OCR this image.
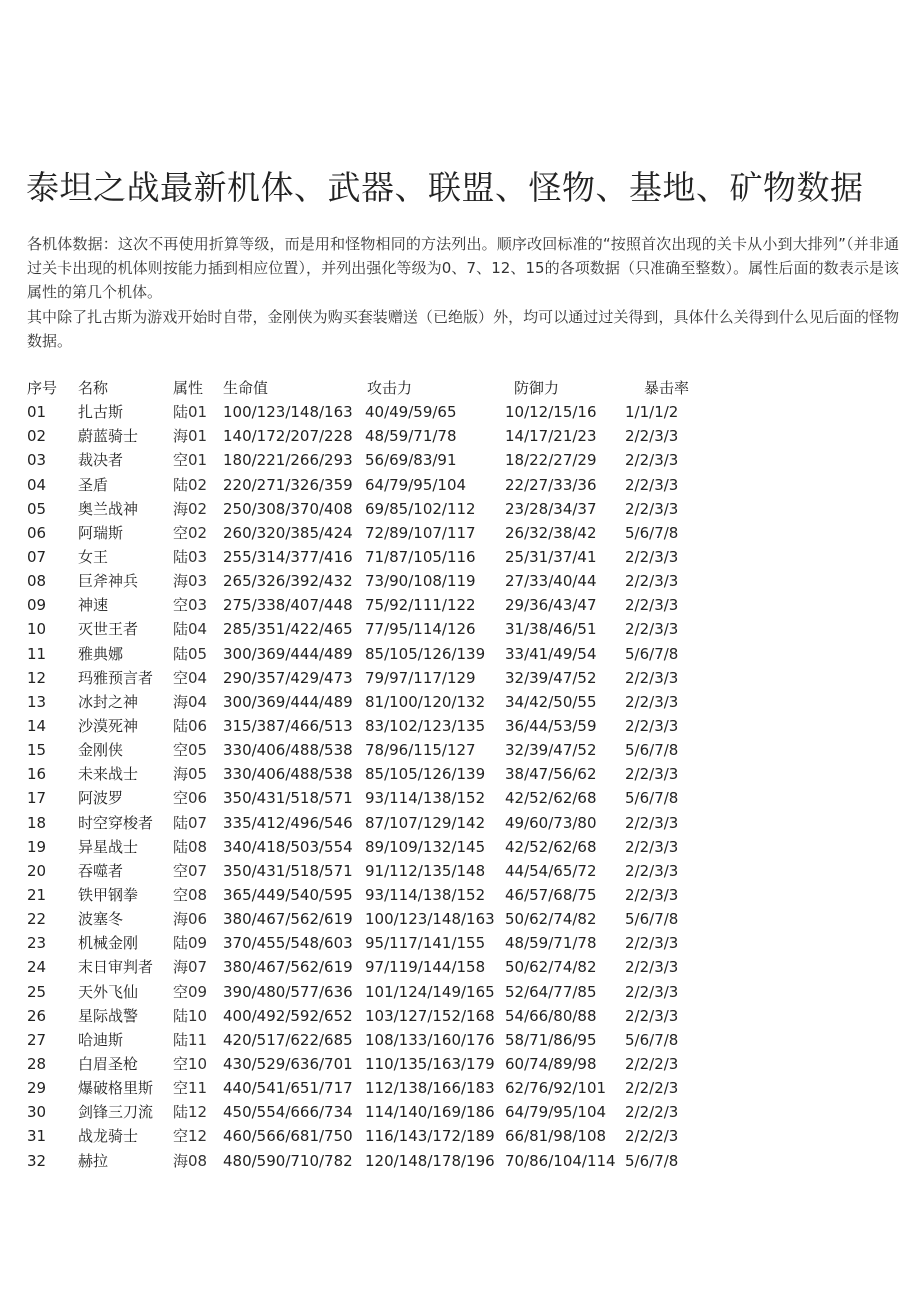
泰坦之战最新机体、武器、联盟、怪物、基地、矿物数据

各机体数据：这次不再使用折算等级，而是用和怪物相同的方法列出。顺序改回标准的“按照首次出现的关卡从小到大排列”（并非通过关卡出现的机体则按能力插到相应位置），并列出强化等级为0、7、12、15的各项数据（只准确至整数）。属性后面的数表示是该属性的第几个机体。

其中除了扎古斯为游戏开始时自带，金刚侠为购买套装赠送（已绝版）外，均可以通过过关得到，具体什么关得到什么见后面的怪物数据。

序号 名称	属性 生命值	攻击力	防御力	暴击率
01 扎古斯	陆01 100/123/148/163 40/49/59/65	10/12/15/16 1/1/1/2
02 蔚蓝骑士 海01 140/172/207/228 48/59/71/78	14/17/21/23 2/2/3/3
03 裁决者	空01 180/221/266/293 56/69/83/91	18/22/27/29 2/2/3/3
04 圣盾	陆02 220/271/326/359 64/79/95/104	22/27/33/36 2/2/3/3
05 奥兰战神 海02 250/308/370/408 69/85/102/112 23/28/34/37 2/2/3/3
06 阿瑞斯	空02 260/320/385/424 72/89/107/117 26/32/38/42 5/6/7/8
07 女王	陆03 255/314/377/416 71/87/105/116 25/31/37/41 2/2/3/3
08 巨斧神兵 海03 265/326/392/432 73/90/108/119 27/33/40/44 2/2/3/3
09 神速	空03 275/338/407/448 75/92/111/122 29/36/43/47 2/2/3/3
10 灭世王者 陆04 285/351/422/465 77/95/114/126 31/38/46/51 2/2/3/3
11 雅典娜	陆05 300/369/444/489 85/105/126/139 33/41/49/54 5/6/7/8
12 玛雅预言者 空04 290/357/429/473 79/97/117/129 32/39/47/52 2/2/3/3
13 冰封之神 海04 300/369/444/489 81/100/120/132 34/42/50/55 2/2/3/3
14 沙漠死神 陆06 315/387/466/513 83/102/123/135 36/44/53/59 2/2/3/3
15 金刚侠	空05 330/406/488/538 78/96/115/127 32/39/47/52 5/6/7/8
16 未来战士 海05 330/406/488/538 85/105/126/139 38/47/56/62 2/2/3/3
17 阿波罗	空06 350/431/518/571 93/114/138/152 42/52/62/68 5/6/7/8
18 时空穿梭者 陆07 335/412/496/546 87/107/129/142 49/60/73/80 2/2/3/3
19 异星战士 陆08 340/418/503/554 89/109/132/145 42/52/62/68 2/2/3/3
20 吞噬者	空07 350/431/518/571 91/112/135/148 44/54/65/72 2/2/3/3
21 铁甲钢拳 空08 365/449/540/595 93/114/138/152 46/57/68/75 2/2/3/3
22 波塞冬	海06 380/467/562/619 100/123/148/163 50/62/74/82 5/6/7/8
23 机械金刚 陆09 370/455/548/603 95/117/141/155 48/59/71/78 2/2/3/3
24 末日审判者 海07 380/467/562/619 97/119/144/158 50/62/74/82 2/2/3/3
25 天外飞仙 空09 390/480/577/636 101/124/149/165 52/64/77/85 2/2/3/3
26 星际战警 陆10 400/492/592/652 103/127/152/168 54/66/80/88 2/2/3/3
27 哈迪斯	陆11 420/517/622/685 108/133/160/176 58/71/86/95 5/6/7/8
28 白眉圣枪 空10 430/529/636/701 110/135/163/179 60/74/89/98 2/2/2/3
29 爆破格里斯 空11 440/541/651/717 112/138/166/183 62/76/92/101 2/2/2/3
30 剑锋三刀流 陆12 450/554/666/734 114/140/169/186 64/79/95/104 2/2/2/3
31 战龙骑士 空12 460/566/681/750 116/143/172/189 66/81/98/108 2/2/2/3
32 赫拉	海08 480/590/710/782 120/148/178/196 70/86/104/114 5/6/7/8
